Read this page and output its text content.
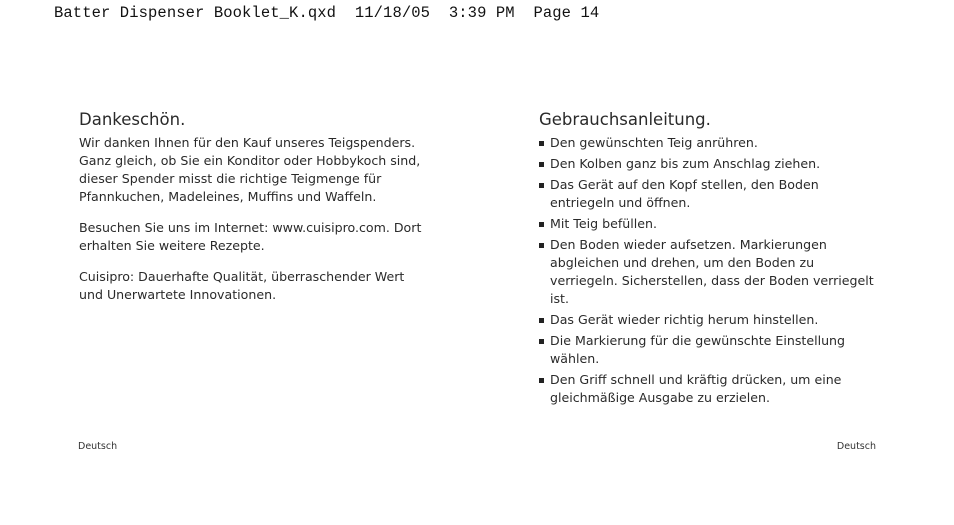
Batter Dispenser Booklet_K.qxd  11/18/05  3:39 PM  Page 14
Dankeschön.

Wir danken Ihnen für den Kauf unseres Teigspenders. Ganz gleich, ob Sie ein Konditor oder Hobbykoch sind, dieser Spender misst die richtige Teigmenge für Pfannkuchen, Madeleines, Muffins und Waffeln.

Besuchen Sie uns im Internet: www.cuisipro.com. Dort erhalten Sie weitere Rezepte.

Cuisipro: Dauerhafte Qualität, überraschender Wert und Unerwartete Innovationen.

Gebrauchsanleitung.
Den gewünschten Teig anrühren.
Den Kolben ganz bis zum Anschlag ziehen.
Das Gerät auf den Kopf stellen, den Boden entriegeln und öffnen.
Mit Teig befüllen.
Den Boden wieder aufsetzen. Markierungen abgleichen und drehen, um den Boden zu verriegeln. Sicherstellen, dass der Boden verriegelt ist.
Das Gerät wieder richtig herum hinstellen.
Die Markierung für die gewünschte Einstellung wählen.
Den Griff schnell und kräftig drücken, um eine gleichmäßige Ausgabe zu erzielen.
Deutsch	Deutsch
